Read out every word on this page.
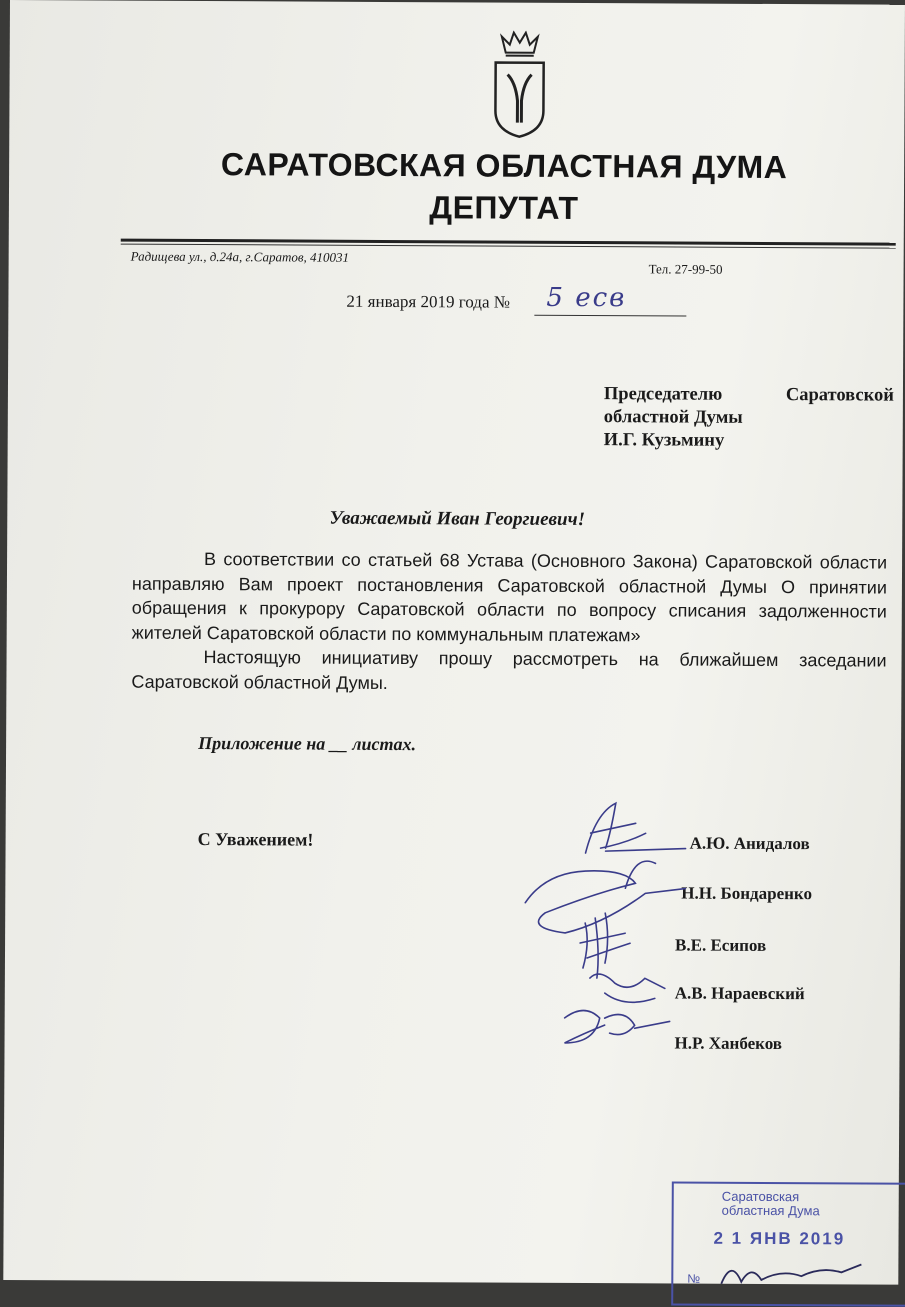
САРАТОВСКАЯ ОБЛАСТНАЯ ДУМА
ДЕПУТАТ
Радищева ул., д.24а, г.Саратов, 410031
Тел. 27-99-50
21 января 2019 года № 5 есв
Председателю	Саратовской
областной Думы
И.Г. Кузьмину
Уважаемый Иван Георгиевич!

В соответствии со статьей 68 Устава (Основного Закона) Саратовской области направляю Вам проект постановления Саратовской областной Думы О принятии обращения к прокурору Саратовской области по вопросу списания задолженности жителей Саратовской области по коммунальным платежам»

Настоящую инициативу прошу рассмотреть на ближайшем заседании Саратовской областной Думы.

Приложение на __ листах.
С Уважением!	А.Ю. Анидалов
Н.Н. Бондаренко
В.Е. Есипов
А.В. Нараевский
Н.Р. Ханбеков
Саратовская
областная Дума
2 1 ЯНВ 2019
№
